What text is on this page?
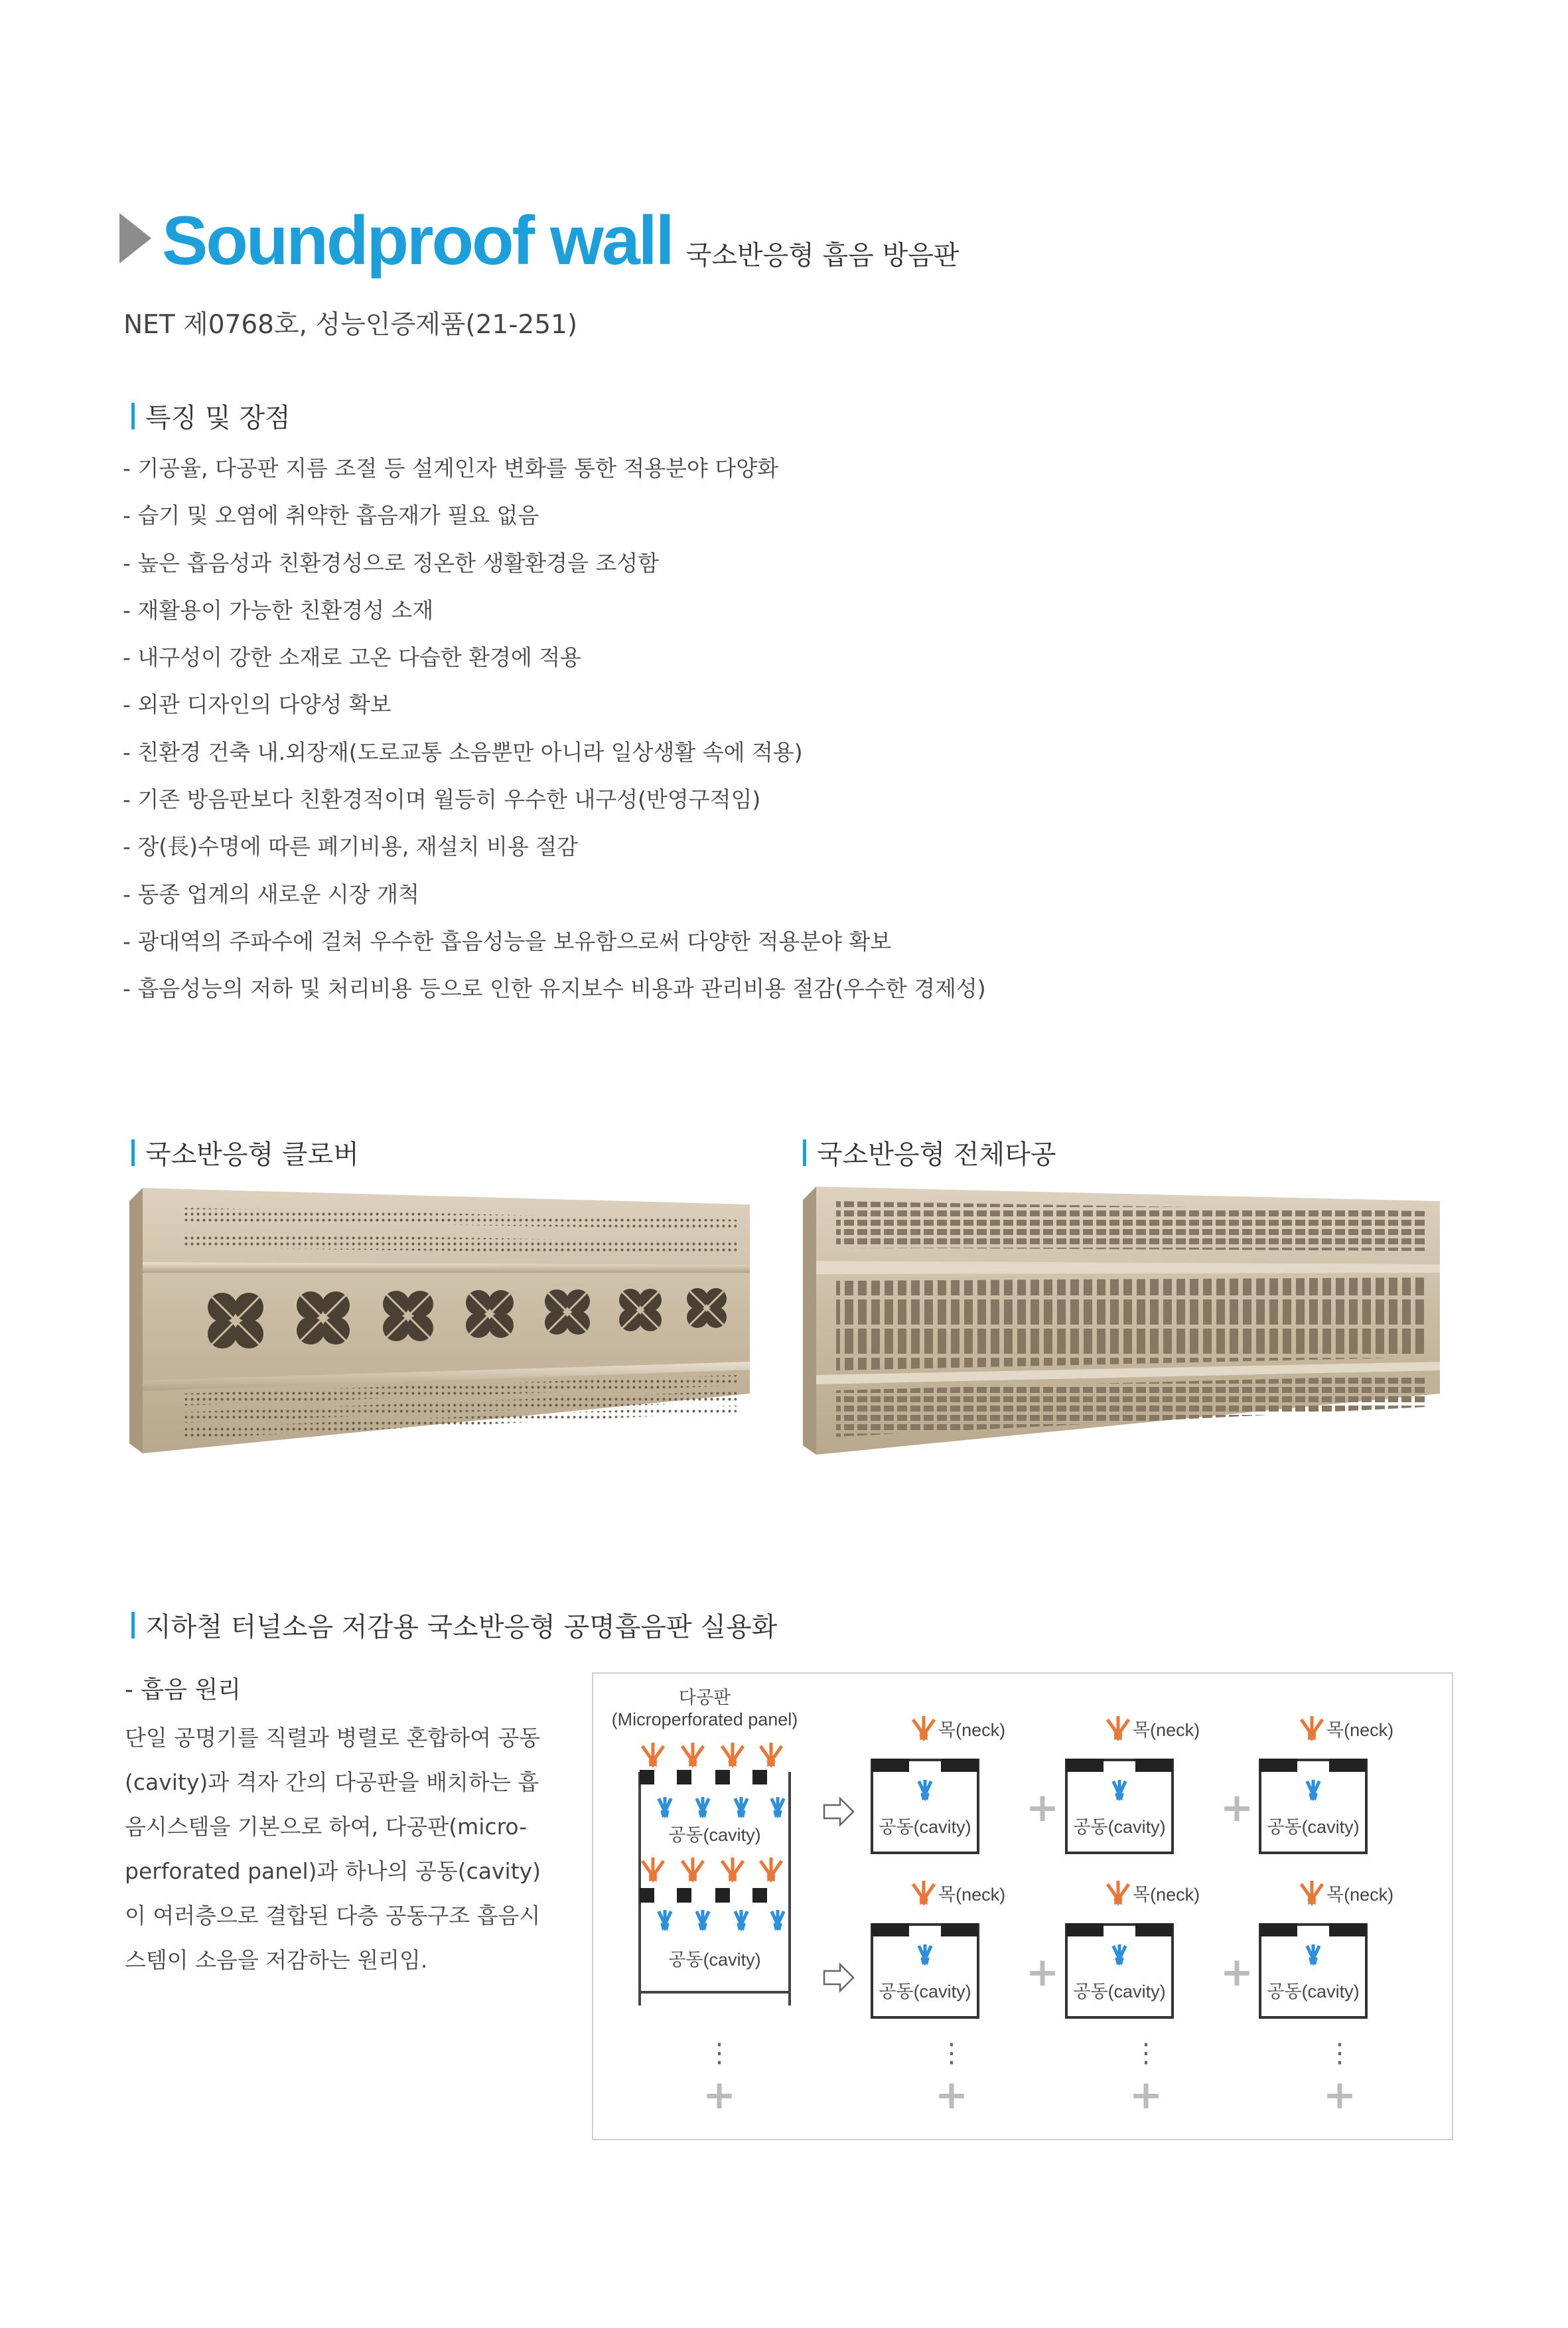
Soundproof wall 국소반응형 흡음 방음판
NET 제0768호, 성능인증제품(21-251)
특징 및 장점
- 기공율, 다공판 지름 조절 등 설계인자 변화를 통한 적용분야 다양화
- 습기 및 오염에 취약한 흡음재가 필요 없음
- 높은 흡음성과 친환경성으로 정온한 생활환경을 조성함
- 재활용이 가능한 친환경성 소재
- 내구성이 강한 소재로 고온 다습한 환경에 적용
- 외관 디자인의 다양성 확보
- 친환경 건축 내.외장재(도로교통 소음뿐만 아니라 일상생활 속에 적용)
- 기존 방음판보다 친환경적이며 월등히 우수한 내구성(반영구적임)
- 장(長)수명에 따른 폐기비용, 재설치 비용 절감
- 동종 업계의 새로운 시장 개척
- 광대역의 주파수에 걸쳐 우수한 흡음성능을 보유함으로써 다양한 적용분야 확보
- 흡음성능의 저하 및 처리비용 등으로 인한 유지보수 비용과 관리비용 절감(우수한 경제성)
국소반응형 클로버	국소반응형 전체타공
지하철 터널소음 저감용 국소반응형 공명흡음판 실용화
- 흡음 원리
단일 공명기를 직렬과 병렬로 혼합하여 공동(cavity)과 격자 간의 다공판을 배치하는 흡음시스템을 기본으로 하여, 다공판(micro-perforated panel)과 하나의 공동(cavity)이 여러층으로 결합된 다층 공동구조 흡음시스템이 소음을 저감하는 원리임.
다공판
(Microperforated panel)
공동(cavity)
공동(cavity)
⋮
+
목(neck)
공동(cavity) +
목(neck)
공동(cavity) +
목(neck)
공동(cavity)
목(neck)
공동(cavity) +
목(neck)
공동(cavity) +
목(neck)
공동(cavity)
⋮	⋮	⋮
+	+	+
